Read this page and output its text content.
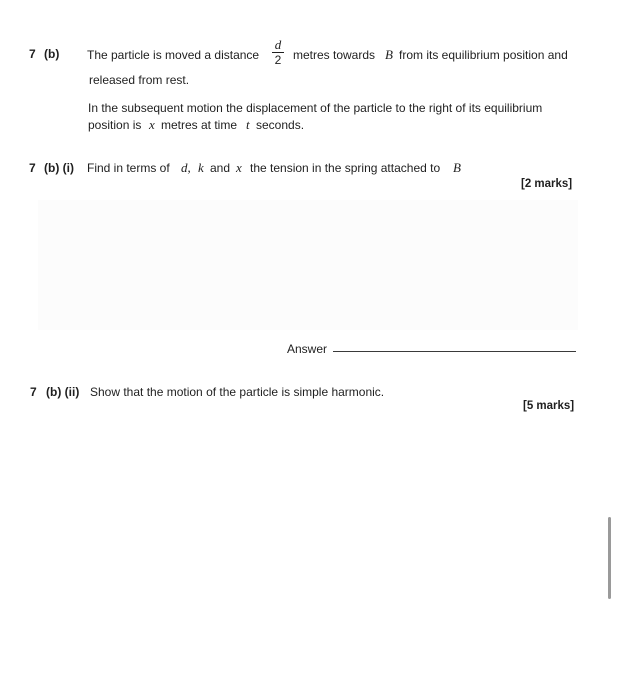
7 (b) The particle is moved a distance
d
2 metres towards B from its equilibrium position and
released from rest.
In the subsequent motion the displacement of the particle to the right of its equilibrium
position is x metres at time t seconds.
7 (b) (i) Find in terms of d, k and x the tension in the spring attached to B
[2 marks]
Answer
7 (b) (ii) Show that the motion of the particle is simple harmonic.
[5 marks]
